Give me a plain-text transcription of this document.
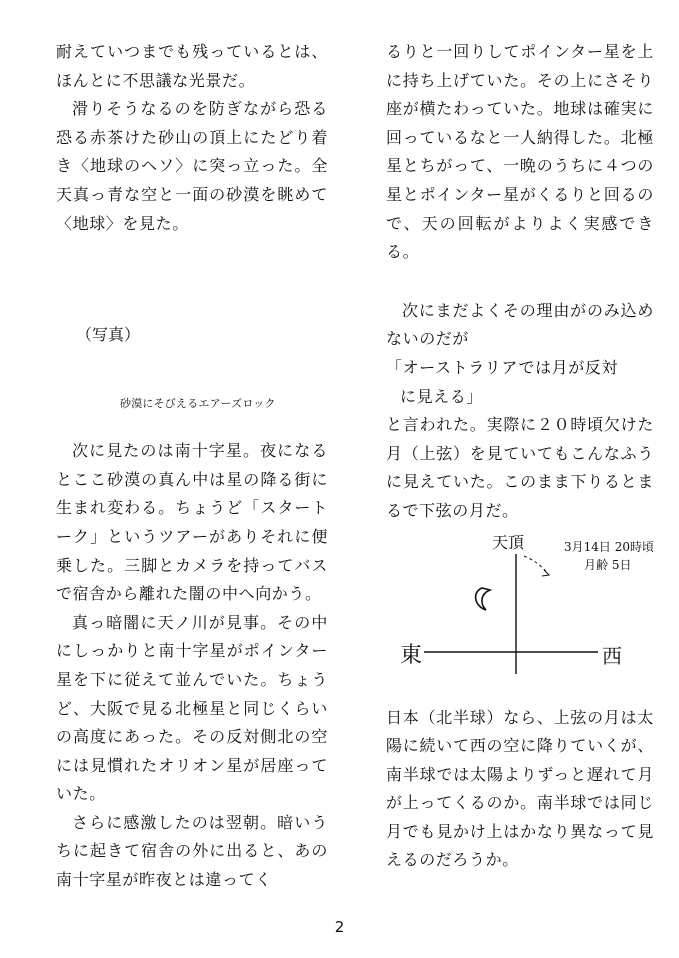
耐えていつまでも残っているとは、ほんとに不思議な光景だ。

滑りそうなるのを防ぎながら恐る恐る赤茶けた砂山の頂上にたどり着き〈地球のヘソ〉に突っ立った。全天真っ青な空と一面の砂漠を眺めて〈地球〉を見た。

（写真）
砂漠にそびえるエアーズロック

次に見たのは南十字星。夜になるとここ砂漠の真ん中は星の降る街に生まれ変わる。ちょうど「スタートーク」というツアーがありそれに便乗した。三脚とカメラを持ってバスで宿舎から離れた闇の中へ向かう。

真っ暗闇に天ノ川が見事。その中にしっかりと南十字星がポインター星を下に従えて並んでいた。ちょうど、大阪で見る北極星と同じくらいの高度にあった。その反対側北の空には見慣れたオリオン星が居座っていた。

さらに感激したのは翌朝。暗いうちに起きて宿舎の外に出ると、あの南十字星が昨夜とは違ってく

るりと一回りしてポインター星を上に持ち上げていた。その上にさそり座が横たわっていた。地球は確実に回っているなと一人納得した。北極星とちがって、一晩のうちに４つの星とポインター星がくるりと回るので、天の回転がよりよく実感できる。

次にまだよくその理由がのみ込めないのだが

「オーストラリアでは月が反対

に見える」

と言われた。実際に２０時頃欠けた月（上弦）を見ていてもこんなふうに見えていた。このまま下りるとまるで下弦の月だ。

天頂	3月14日 20時頃
月齢 5日
東	西

日本（北半球）なら、上弦の月は太陽に続いて西の空に降りていくが、南半球では太陽よりずっと遅れて月が上ってくるのか。南半球では同じ月でも見かけ上はかなり異なって見えるのだろうか。

2
